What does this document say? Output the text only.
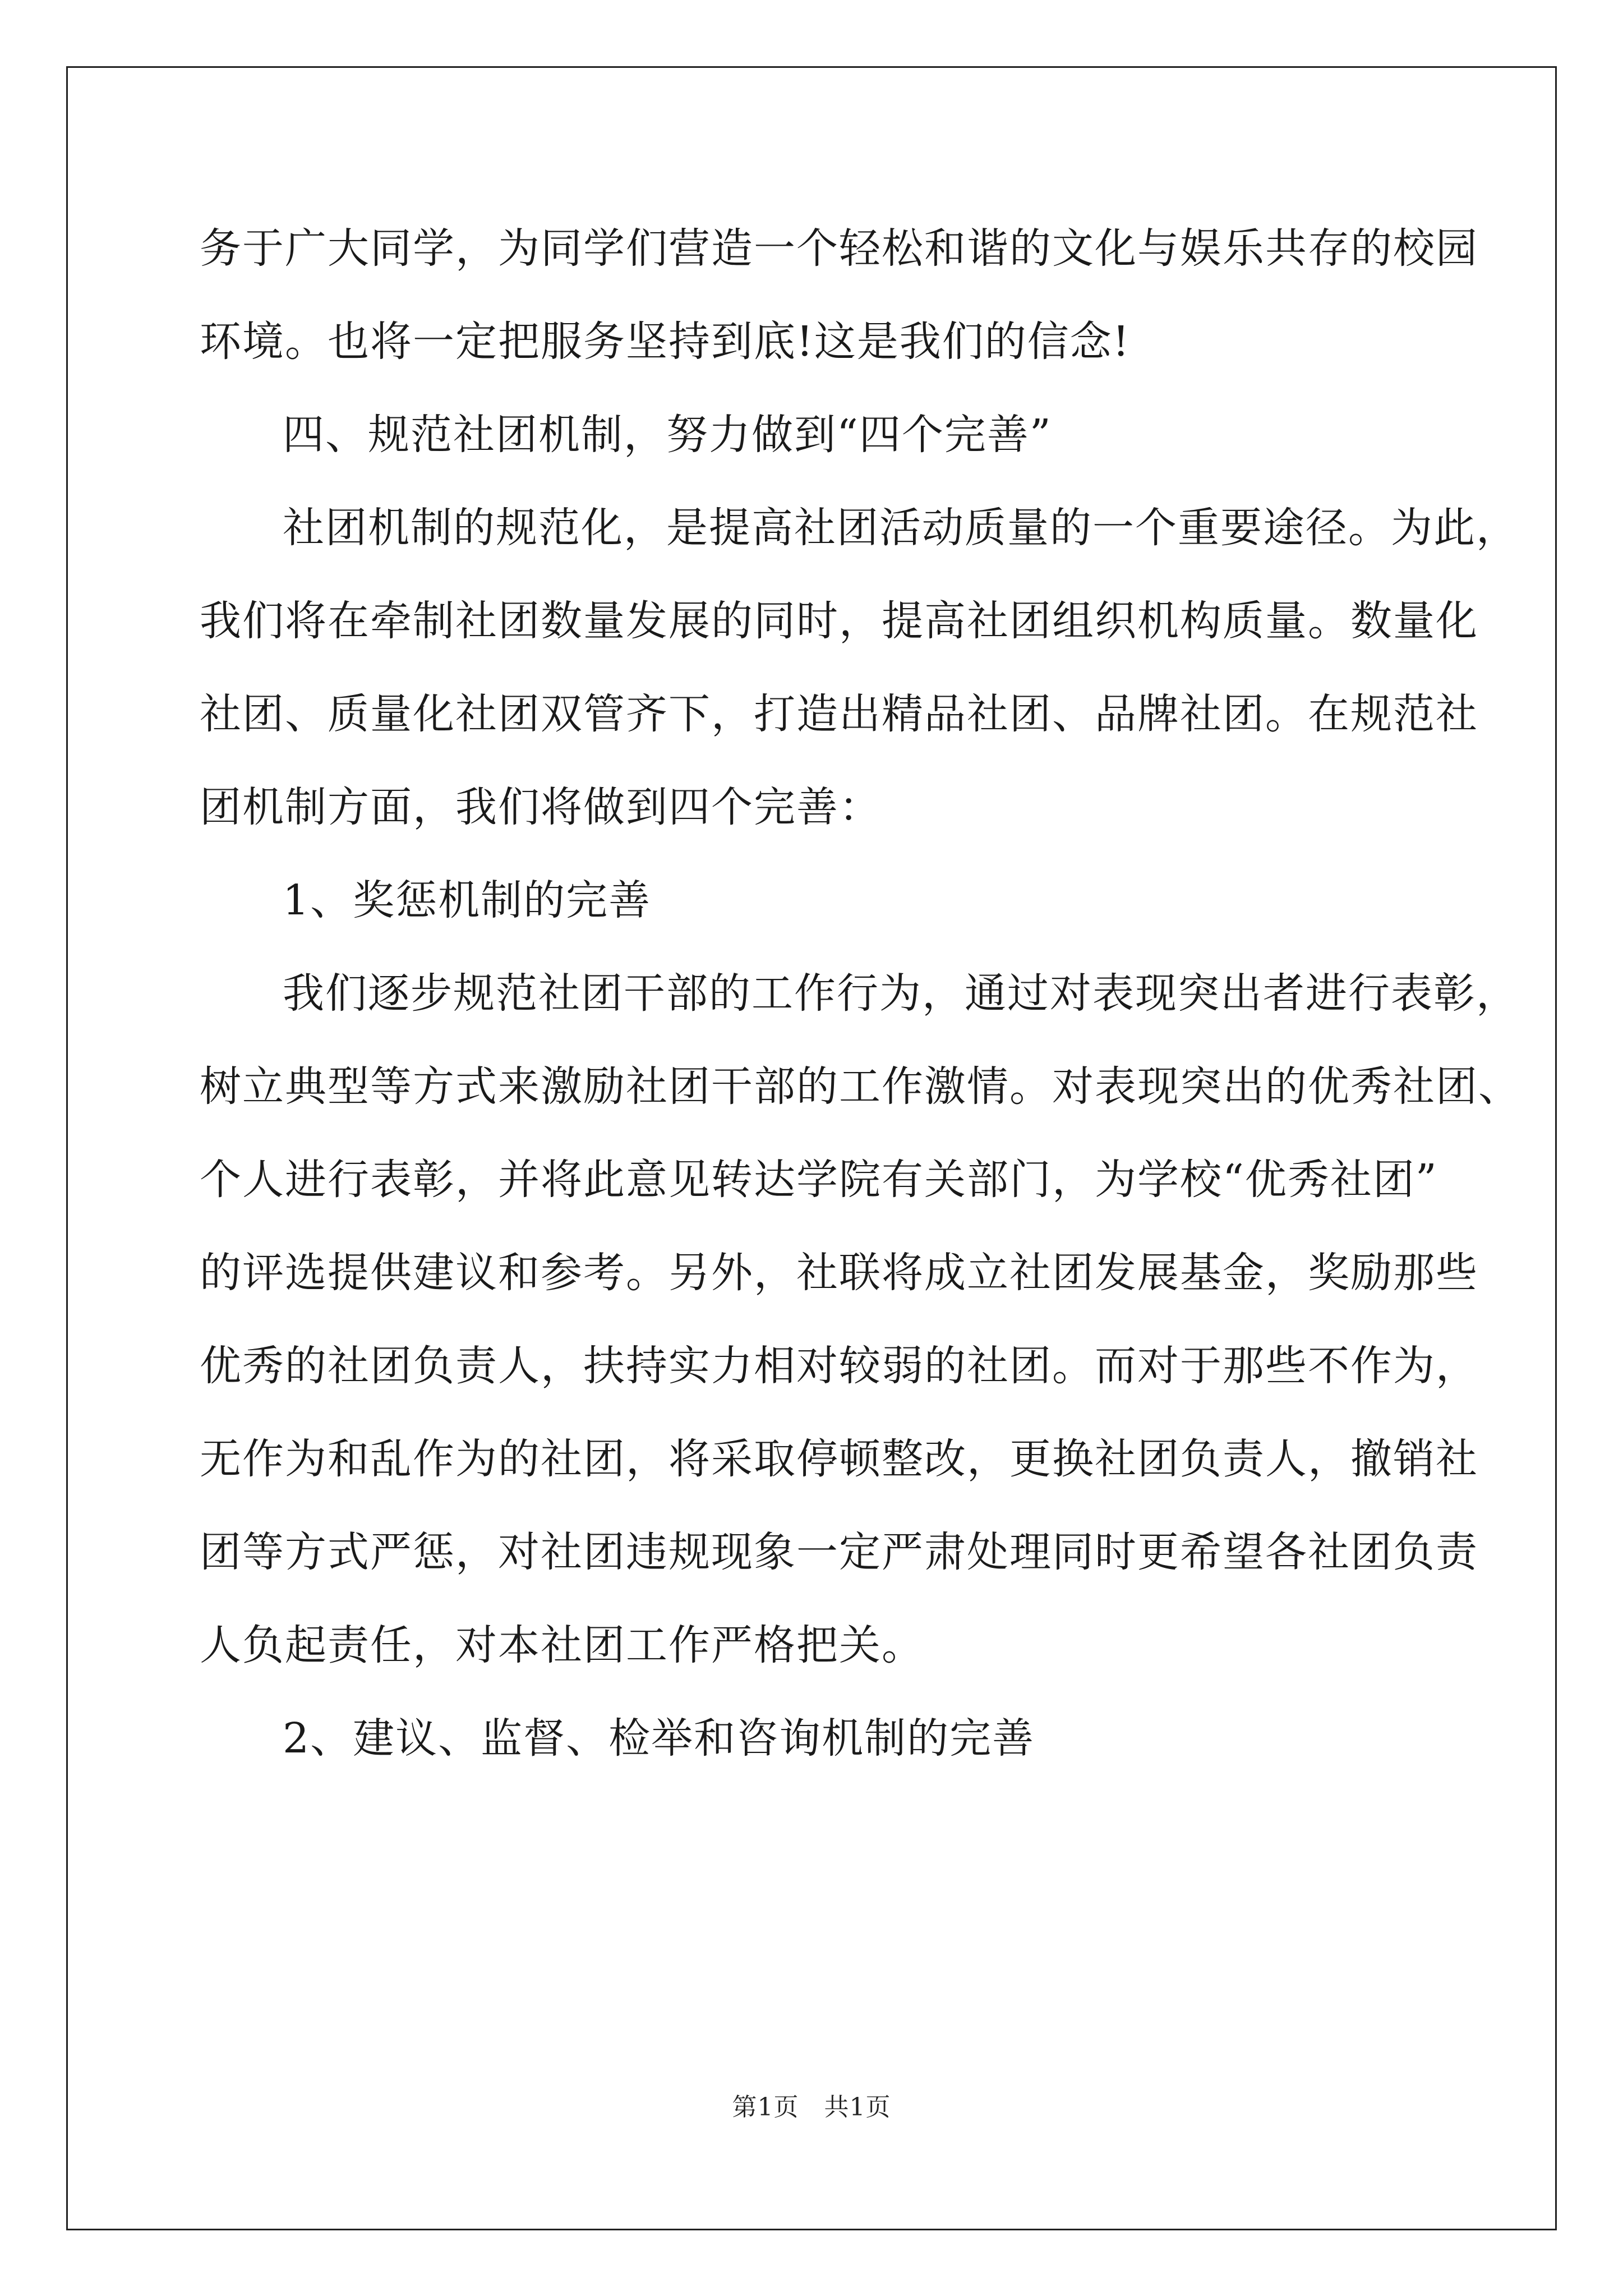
务于广大同学，为同学们营造一个轻松和谐的文化与娱乐共存的校园
环境。也将一定把服务坚持到底!这是我们的信念!
四、规范社团机制，努力做到“四个完善”
社团机制的规范化，是提高社团活动质量的一个重要途径。为此，
我们将在牵制社团数量发展的同时，提高社团组织机构质量。数量化
社团、质量化社团双管齐下，打造出精品社团、品牌社团。在规范社
团机制方面，我们将做到四个完善：
1、奖惩机制的完善
我们逐步规范社团干部的工作行为，通过对表现突出者进行表彰，
树立典型等方式来激励社团干部的工作激情。对表现突出的优秀社团、
个人进行表彰，并将此意见转达学院有关部门，为学校“优秀社团”
的评选提供建议和参考。另外，社联将成立社团发展基金，奖励那些
优秀的社团负责人，扶持实力相对较弱的社团。而对于那些不作为，
无作为和乱作为的社团，将采取停顿整改，更换社团负责人，撤销社
团等方式严惩，对社团违规现象一定严肃处理同时更希望各社团负责
人负起责任，对本社团工作严格把关。
2、建议、监督、检举和咨询机制的完善
第1页　共1页
